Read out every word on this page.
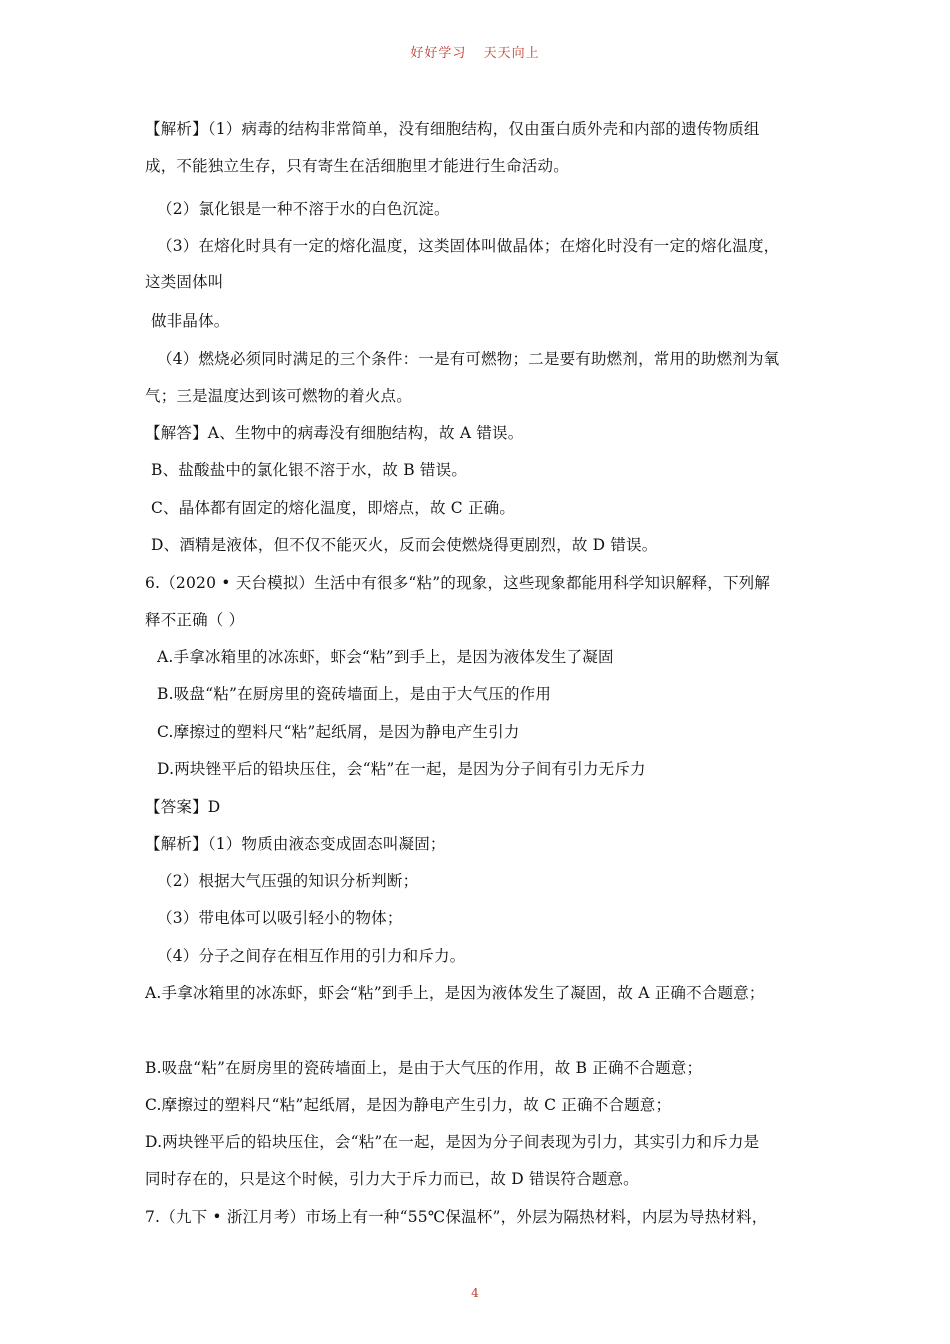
好好学习 天天向上
【解析】（1）病毒的结构非常简单，没有细胞结构，仅由蛋白质外壳和内部的遗传物质组
成，不能独立生存，只有寄生在活细胞里才能进行生命活动。
（2）氯化银是一种不溶于水的白色沉淀。
（3）在熔化时具有一定的熔化温度，这类固体叫做晶体；在熔化时没有一定的熔化温度，
这类固体叫
做非晶体。
（4）燃烧必须同时满足的三个条件：一是有可燃物；二是要有助燃剂，常用的助燃剂为氧
气；三是温度达到该可燃物的着火点。
【解答】A、生物中的病毒没有细胞结构，故 A 错误。
B、盐酸盐中的氯化银不溶于水，故 B 错误。
C、晶体都有固定的熔化温度，即熔点，故 C 正确。
D、酒精是液体，但不仅不能灭火，反而会使燃烧得更剧烈，故 D 错误。
6.（2020 • 天台模拟）生活中有很多“粘”的现象，这些现象都能用科学知识解释，下列解
释不正确（ ）
A.手拿冰箱里的冰冻虾，虾会“粘”到手上，是因为液体发生了凝固
B.吸盘“粘”在厨房里的瓷砖墙面上，是由于大气压的作用
C.摩擦过的塑料尺“粘”起纸屑，是因为静电产生引力
D.两块锉平后的铅块压住，会“粘”在一起，是因为分子间有引力无斥力
【答案】D
【解析】（1）物质由液态变成固态叫凝固；
（2）根据大气压强的知识分析判断；
（3）带电体可以吸引轻小的物体；
（4）分子之间存在相互作用的引力和斥力。
A.手拿冰箱里的冰冻虾，虾会“粘”到手上，是因为液体发生了凝固，故 A 正确不合题意；
B.吸盘“粘”在厨房里的瓷砖墙面上，是由于大气压的作用，故 B 正确不合题意；
C.摩擦过的塑料尺“粘”起纸屑，是因为静电产生引力，故 C 正确不合题意；
D.两块锉平后的铅块压住，会“粘”在一起，是因为分子间表现为引力，其实引力和斥力是
同时存在的，只是这个时候，引力大于斥力而已，故 D 错误符合题意。
7.（九下 • 浙江月考）市场上有一种“55℃保温杯”，外层为隔热材料，内层为导热材料，
4
